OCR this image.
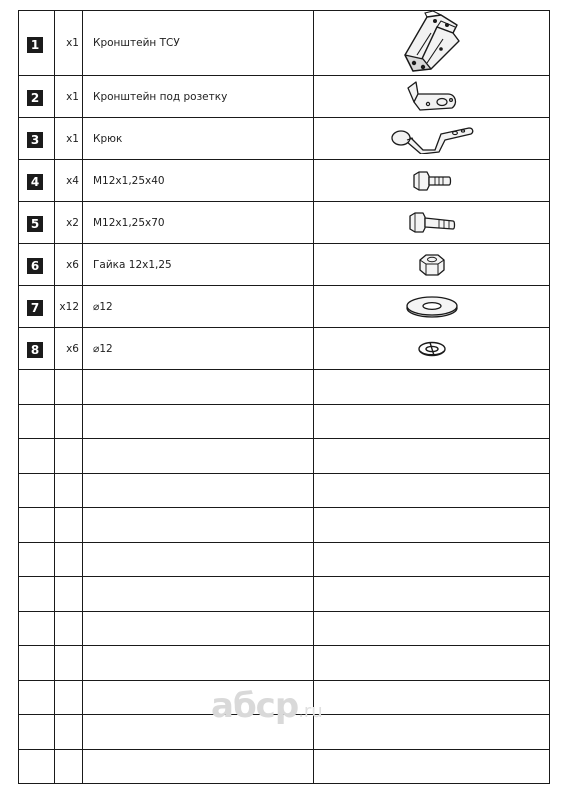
1	x1	Кронштейн ТСУ

2	x1	Кронштейн под розетку

3	x1	Крюк

4	x4	М12х1,25х40

5	x2	М12х1,25х70

6	x6	Гайка 12х1,25

7	x12	⌀12

8	x6	⌀12

aбcp.ru
